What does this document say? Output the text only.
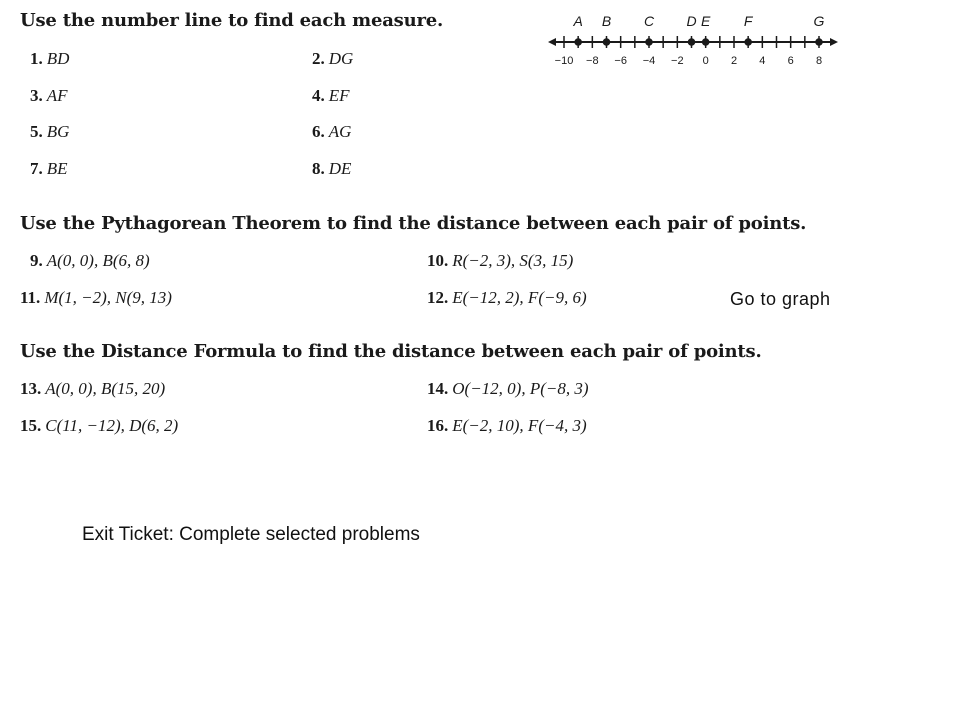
Use the number line to find each measure.
1. BD	2. DG
3. AF	4. EF
5. BG	6. AG
7. BE	8. DE
−10 −8 −6 −4 −2 0 2 4 6 8
A B C D E F	G
Use the Pythagorean Theorem to find the distance between each pair of points.
9. A(0, 0), B(6, 8)	10. R(−2, 3), S(3, 15)
11. M(1, −2), N(9, 13)	12. E(−12, 2), F(−9, 6)	Go to graph
Use the Distance Formula to find the distance between each pair of points.
13. A(0, 0), B(15, 20)	14. O(−12, 0), P(−8, 3)
15. C(11, −12), D(6, 2)	16. E(−2, 10), F(−4, 3)
Exit Ticket: Complete selected problems
